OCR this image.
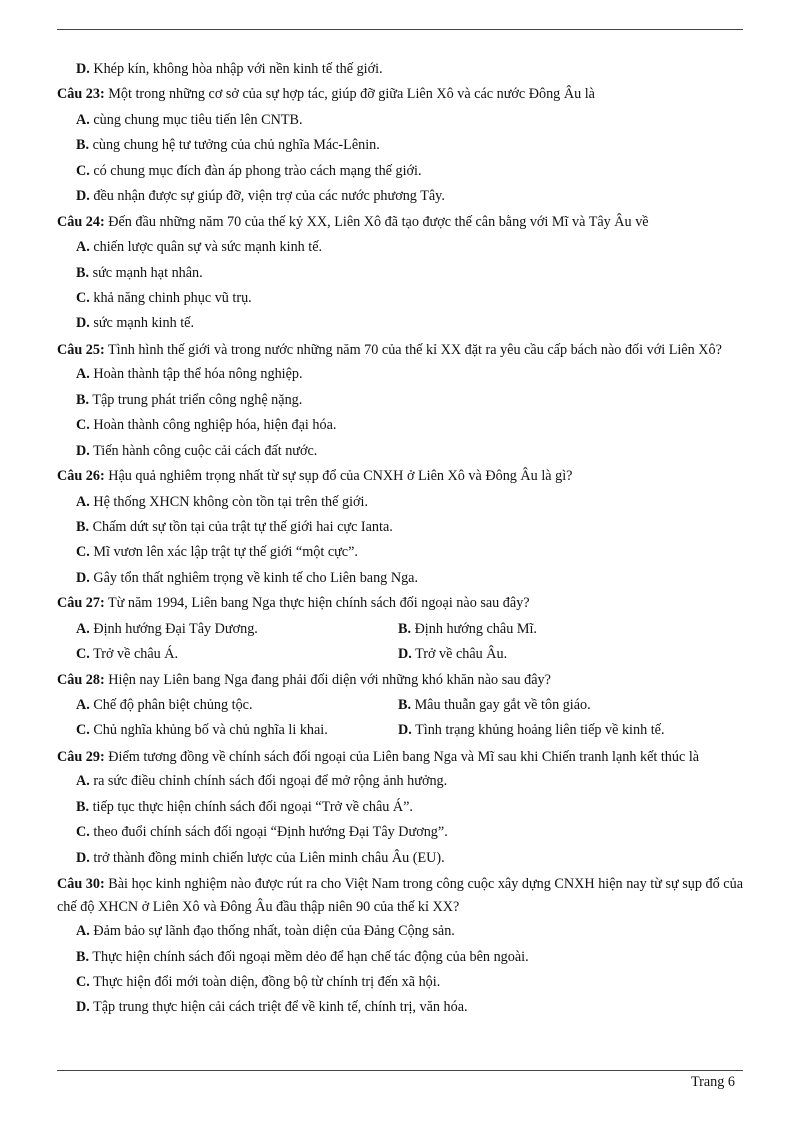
D. Khép kín, không hòa nhập với nền kinh tế thế giới.
Câu 23: Một trong những cơ sở của sự hợp tác, giúp đỡ giữa Liên Xô và các nước Đông Âu là
A. cùng chung mục tiêu tiến lên CNTB.
B. cùng chung hệ tư tưởng của chủ nghĩa Mác-Lênin.
C. có chung mục đích đàn áp phong trào cách mạng thế giới.
D. đều nhận được sự giúp đỡ, viện trợ của các nước phương Tây.
Câu 24: Đến đầu những năm 70 của thế kỷ XX, Liên Xô đã tạo được thế cân bằng với Mĩ và Tây Âu về
A. chiến lược quân sự và sức mạnh kinh tế.
B. sức mạnh hạt nhân.
C. khả năng chinh phục vũ trụ.
D. sức mạnh kinh tế.
Câu 25: Tình hình thế giới và trong nước những năm 70 của thế kỉ XX đặt ra yêu cầu cấp bách nào đối với Liên Xô?
A. Hoàn thành tập thể hóa nông nghiệp.
B. Tập trung phát triển công nghệ nặng.
C. Hoàn thành công nghiệp hóa, hiện đại hóa.
D. Tiến hành công cuộc cải cách đất nước.
Câu 26: Hậu quả nghiêm trọng nhất từ sự sụp đổ của CNXH ở Liên Xô và Đông Âu là gì?
A. Hệ thống XHCN không còn tồn tại trên thế giới.
B. Chấm dứt sự tồn tại của trật tự thế giới hai cực Ianta.
C. Mĩ vươn lên xác lập trật tự thế giới “một cực”.
D. Gây tổn thất nghiêm trọng về kinh tế cho Liên bang Nga.
Câu 27: Từ năm 1994, Liên bang Nga thực hiện chính sách đối ngoại nào sau đây?
A. Định hướng Đại Tây Dương.	B. Định hướng châu Mĩ.
C. Trở về châu Á.	D. Trở về châu Âu.
Câu 28: Hiện nay Liên bang Nga đang phải đối diện với những khó khăn nào sau đây?
A. Chế độ phân biệt chủng tộc.	B. Mâu thuẫn gay gắt về tôn giáo.
C. Chủ nghĩa khủng bố và chủ nghĩa li khai.	D. Tình trạng khủng hoảng liên tiếp về kinh tế.
Câu 29: Điểm tương đồng về chính sách đối ngoại của Liên bang Nga và Mĩ sau khi Chiến tranh lạnh kết thúc là
A. ra sức điều chỉnh chính sách đối ngoại để mở rộng ảnh hưởng.
B. tiếp tục thực hiện chính sách đối ngoại “Trở về châu Á”.
C. theo đuổi chính sách đối ngoại “Định hướng Đại Tây Dương”.
D. trở thành đồng minh chiến lược của Liên minh châu Âu (EU).
Câu 30: Bài học kinh nghiệm nào được rút ra cho Việt Nam trong công cuộc xây dựng CNXH hiện nay từ sự sụp đổ của chế độ XHCN ở Liên Xô và Đông Âu đầu thập niên 90 của thế kỉ XX?
A. Đảm bảo sự lãnh đạo thống nhất, toàn diện của Đảng Cộng sản.
B. Thực hiện chính sách đối ngoại mềm dẻo để hạn chế tác động của bên ngoài.
C. Thực hiện đổi mới toàn diện, đồng bộ từ chính trị đến xã hội.
D. Tập trung thực hiện cải cách triệt để về kinh tế, chính trị, văn hóa.
Trang 6
